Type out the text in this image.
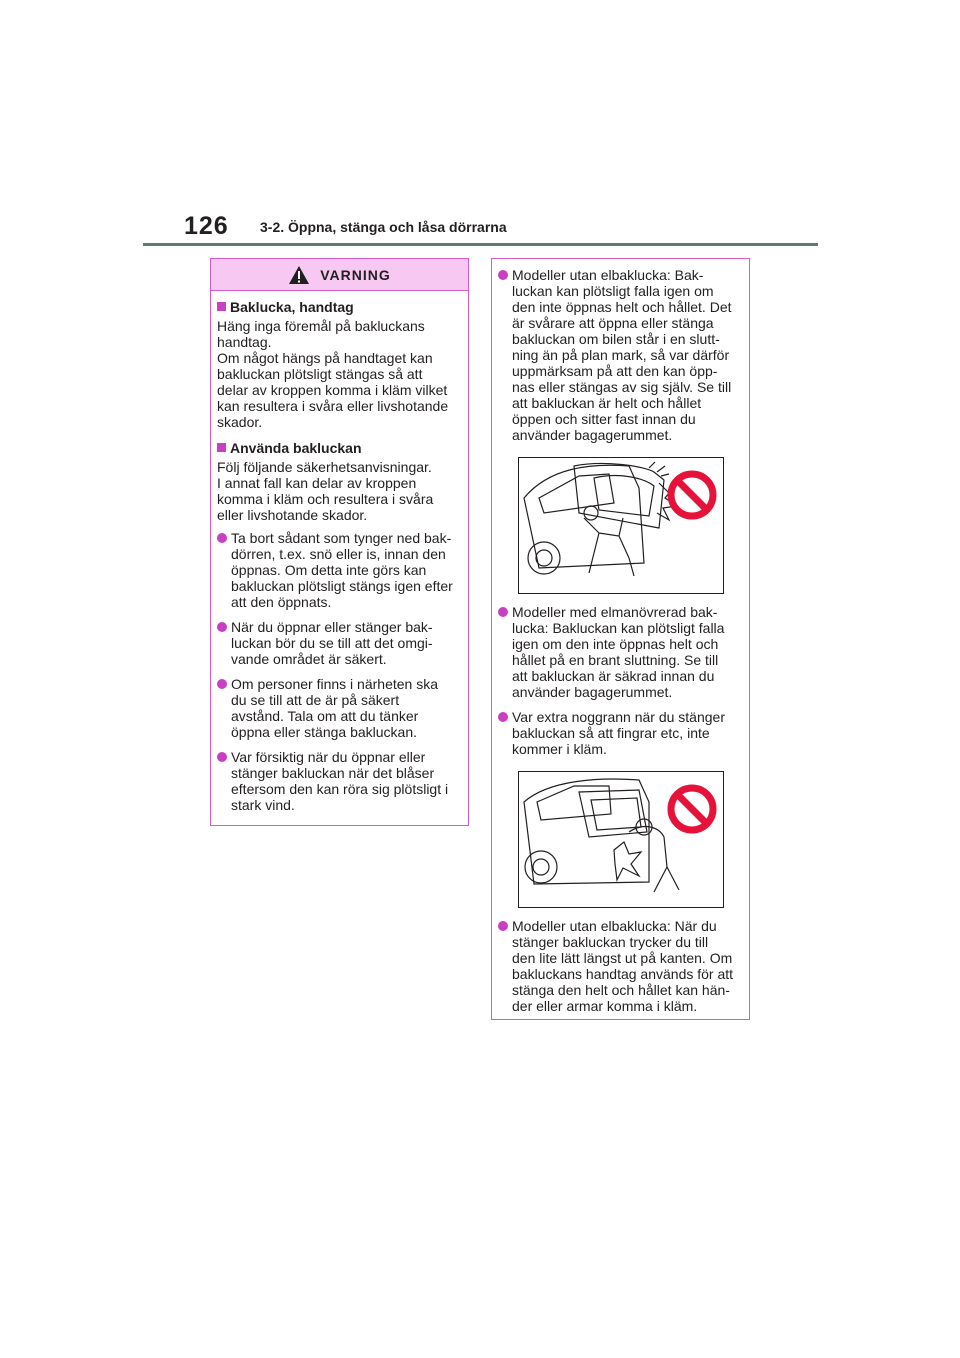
126 3-2. Öppna, stänga och låsa dörrarna
VARNING
Baklucka, handtag
Häng inga föremål på bakluckans
handtag.
Om något hängs på handtaget kan
bakluckan plötsligt stängas så att
delar av kroppen komma i kläm vilket
kan resultera i svåra eller livshotande
skador.
Använda bakluckan
Följ följande säkerhetsanvisningar.
I annat fall kan delar av kroppen
komma i kläm och resultera i svåra
eller livshotande skador.
Ta bort sådant som tynger ned bak-
dörren, t.ex. snö eller is, innan den
öppnas. Om detta inte görs kan
bakluckan plötsligt stängs igen efter
att den öppnats.
När du öppnar eller stänger bak-
luckan bör du se till att det omgi-
vande området är säkert.
Om personer finns i närheten ska
du se till att de är på säkert
avstånd. Tala om att du tänker
öppna eller stänga bakluckan.
Var försiktig när du öppnar eller
stänger bakluckan när det blåser
eftersom den kan röra sig plötsligt i
stark vind.
Modeller utan elbaklucka: Bak-
luckan kan plötsligt falla igen om
den inte öppnas helt och hållet. Det
är svårare att öppna eller stänga
bakluckan om bilen står i en slutt-
ning än på plan mark, så var därför
uppmärksam på att den kan öpp-
nas eller stängas av sig själv. Se till
att bakluckan är helt och hållet
öppen och sitter fast innan du
använder bagagerummet.
Modeller med elmanövrerad bak-
lucka: Bakluckan kan plötsligt falla
igen om den inte öppnas helt och
hållet på en brant sluttning. Se till
att bakluckan är säkrad innan du
använder bagagerummet.
Var extra noggrann när du stänger
bakluckan så att fingrar etc, inte
kommer i kläm.
Modeller utan elbaklucka: När du
stänger bakluckan trycker du till
den lite lätt längst ut på kanten. Om
bakluckans handtag används för att
stänga den helt och hållet kan hän-
der eller armar komma i kläm.
